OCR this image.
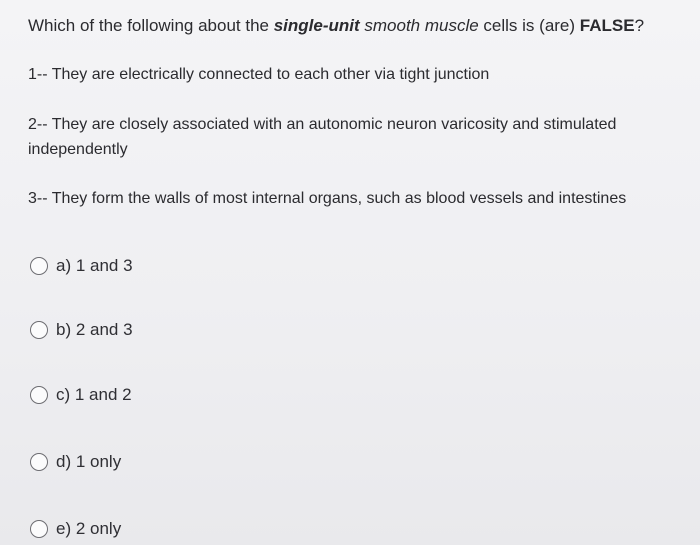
Which of the following about the single-unit smooth muscle cells is (are) FALSE?
1-- They are electrically connected to each other via tight junction
2-- They are closely associated with an autonomic neuron varicosity and stimulated independently
3-- They form the walls of most internal organs, such as blood vessels and intestines
a) 1 and 3
b) 2 and 3
c) 1 and 2
d) 1 only
e) 2 only
